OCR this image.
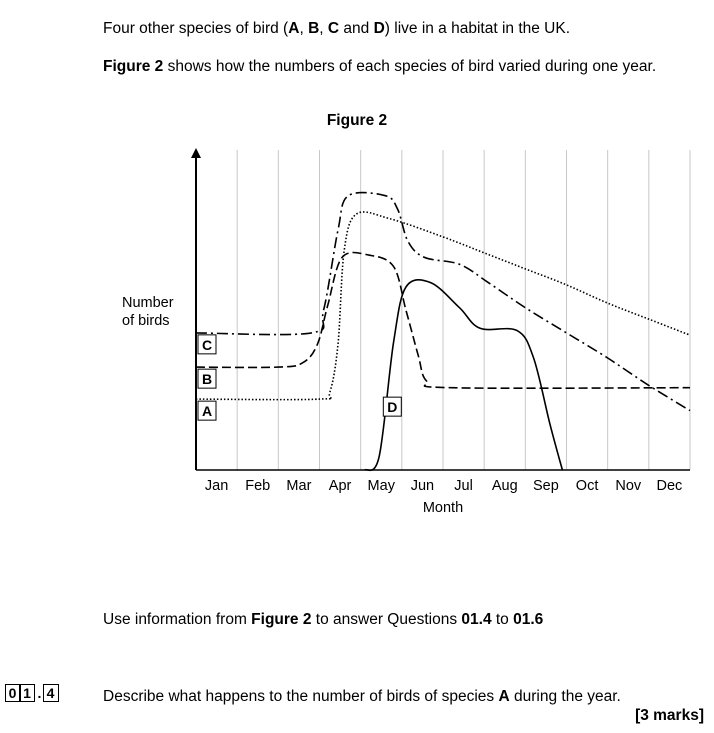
Four other species of bird (A, B, C and D) live in a habitat in the UK.
Figure 2 shows how the numbers of each species of bird varied during one year.
Figure 2
Jan Feb Mar Apr May Jun Jul Aug Sep Oct Nov Dec
Month
Number of birds
C
B
A	D
Use information from Figure 2 to answer Questions 01.4 to 01.6
0 1 . 4	Describe what happens to the number of birds of species A during the year.
[3 marks]
